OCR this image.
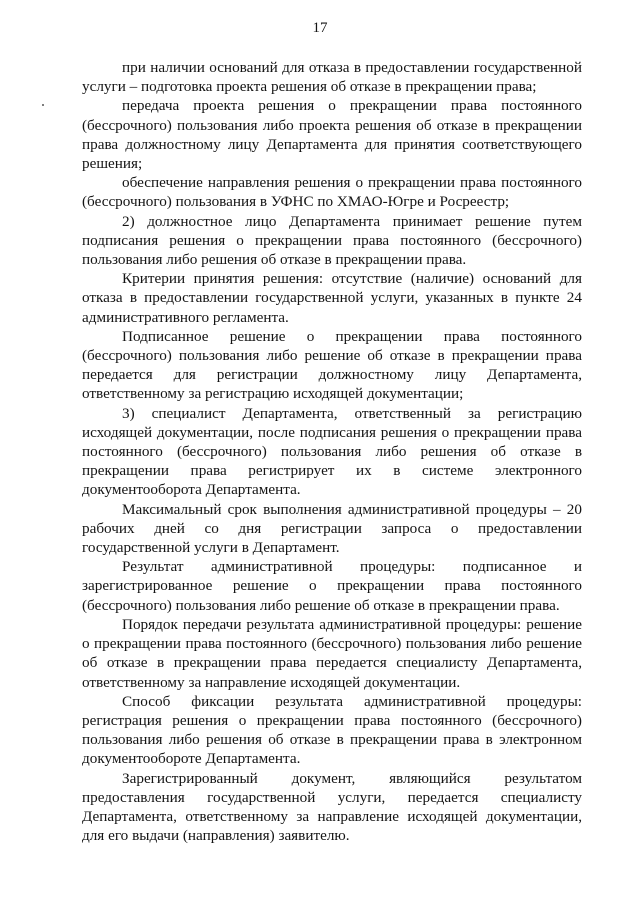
17

при наличии оснований для отказа в предоставлении государственной услуги – подготовка проекта решения об отказе в прекращении права;

передача проекта решения о прекращении права постоянного (бессрочного) пользования либо проекта решения об отказе в прекращении права должностному лицу Департамента для принятия соответствующего решения;

обеспечение направления решения о прекращении права постоянного (бессрочного) пользования в УФНС по ХМАО-Югре и Росреестр;

2) должностное лицо Департамента принимает решение путем подписания решения о прекращении права постоянного (бессрочного) пользования либо решения об отказе в прекращении права.

Критерии принятия решения: отсутствие (наличие) оснований для отказа в предоставлении государственной услуги, указанных в пункте 24 административного регламента.

Подписанное решение о прекращении права постоянного (бессрочного) пользования либо решение об отказе в прекращении права передается для регистрации должностному лицу Департамента, ответственному за регистрацию исходящей документации;

3) специалист Департамента, ответственный за регистрацию исходящей документации, после подписания решения о прекращении права постоянного (бессрочного) пользования либо решения об отказе в прекращении права регистрирует их в системе электронного документооборота Департамента.

Максимальный срок выполнения административной процедуры – 20 рабочих дней со дня регистрации запроса о предоставлении государственной услуги в Департамент.

Результат административной процедуры: подписанное и зарегистрированное решение о прекращении права постоянного (бессрочного) пользования либо решение об отказе в прекращении права.

Порядок передачи результата административной процедуры: решение о прекращении права постоянного (бессрочного) пользования либо решение об отказе в прекращении права передается специалисту Департамента, ответственному за направление исходящей документации.

Способ фиксации результата административной процедуры: регистрация решения о прекращении права постоянного (бессрочного) пользования либо решения об отказе в прекращении права в электронном документообороте Департамента.

Зарегистрированный документ, являющийся результатом предоставления государственной услуги, передается специалисту Департамента, ответственному за направление исходящей документации, для его выдачи (направления) заявителю.
